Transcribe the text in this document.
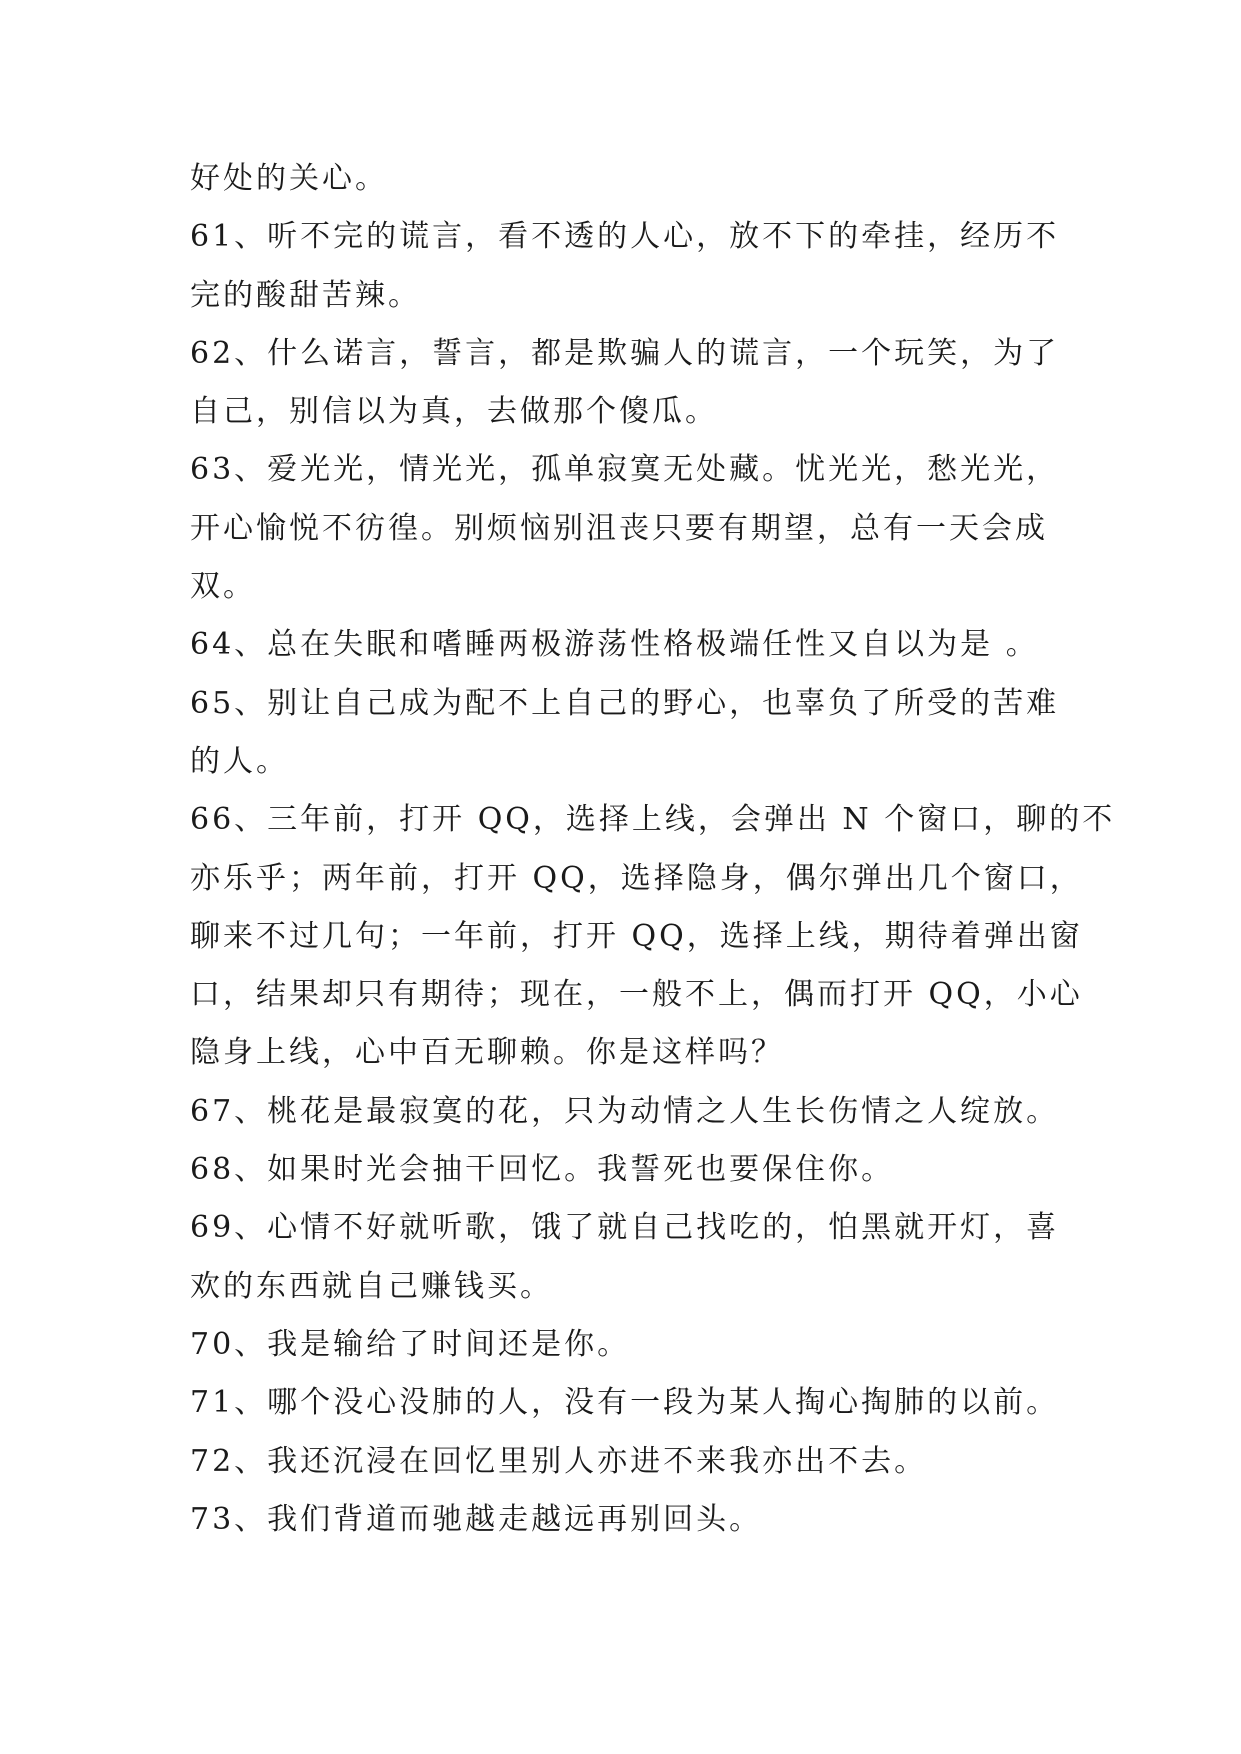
好处的关心。
61、听不完的谎言，看不透的人心，放不下的牵挂，经历不
完的酸甜苦辣。
62、什么诺言，誓言，都是欺骗人的谎言，一个玩笑，为了
自己，别信以为真，去做那个傻瓜。
63、爱光光，情光光，孤单寂寞无处藏。忧光光，愁光光，
开心愉悦不彷徨。别烦恼别沮丧只要有期望，总有一天会成
双。
64、总在失眠和嗜睡两极游荡性格极端任性又自以为是 。
65、别让自己成为配不上自己的野心，也辜负了所受的苦难
的人。
66、三年前，打开 QQ，选择上线，会弹出 N 个窗口，聊的不
亦乐乎；两年前，打开 QQ，选择隐身，偶尔弹出几个窗口，
聊来不过几句；一年前，打开 QQ，选择上线，期待着弹出窗
口，结果却只有期待；现在，一般不上，偶而打开 QQ，小心
隐身上线，心中百无聊赖。你是这样吗？
67、桃花是最寂寞的花，只为动情之人生长伤情之人绽放。
68、如果时光会抽干回忆。我誓死也要保住你。
69、心情不好就听歌，饿了就自己找吃的，怕黑就开灯，喜
欢的东西就自己赚钱买。
70、我是输给了时间还是你。
71、哪个没心没肺的人，没有一段为某人掏心掏肺的以前。
72、我还沉浸在回忆里别人亦进不来我亦出不去。
73、我们背道而驰越走越远再别回头。
